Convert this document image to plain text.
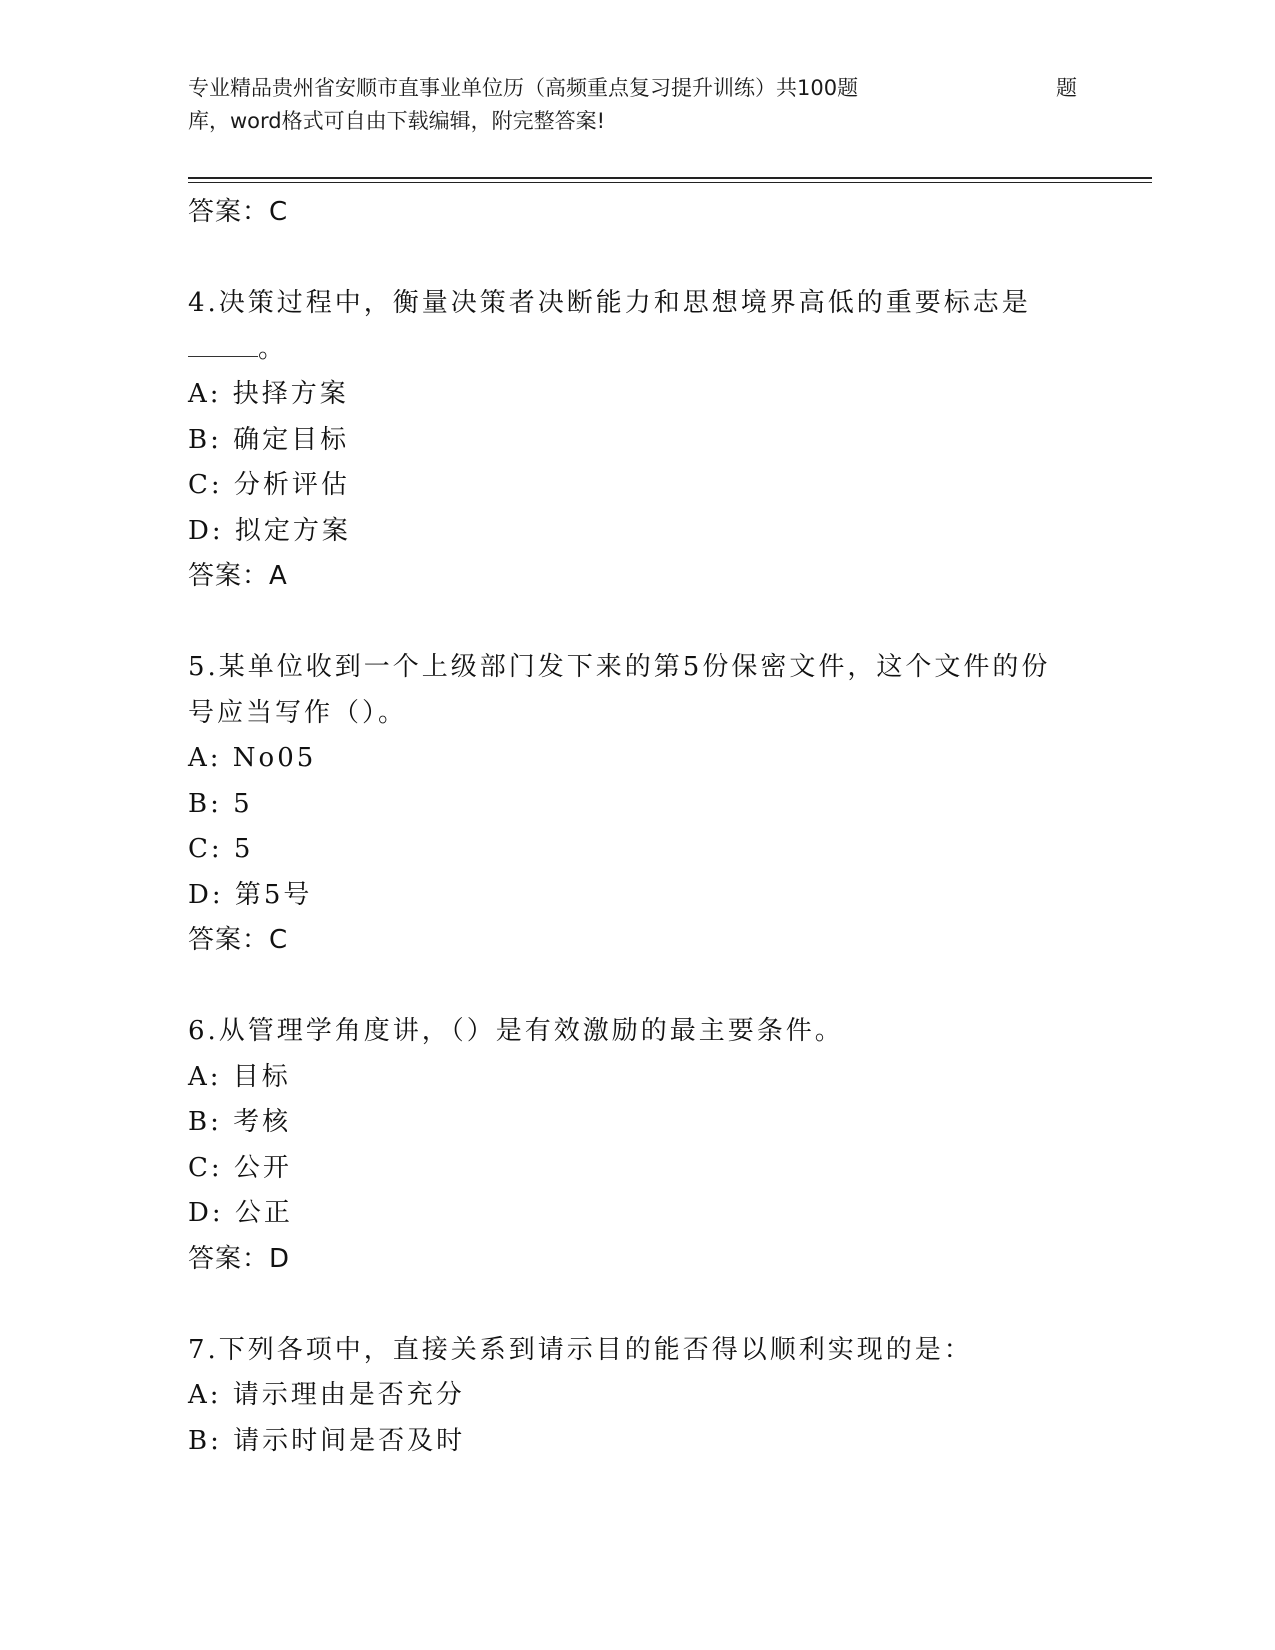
专业精品贵州省安顺市直事业单位历（高频重点复习提升训练）共100题	题
库，word格式可自由下载编辑，附完整答案!
答案：C
4.决策过程中，衡量决策者决断能力和思想境界高低的重要标志是
。
A: 抉择方案
B: 确定目标
C: 分析评估
D: 拟定方案
答案：A
5.某单位收到一个上级部门发下来的第5份保密文件，这个文件的份
号应当写作（）。
A: No05
B: 5
C: 5
D: 第5号
答案：C
6.从管理学角度讲，（）是有效激励的最主要条件。
A: 目标
B: 考核
C: 公开
D: 公正
答案：D
7.下列各项中，直接关系到请示目的能否得以顺利实现的是：
A: 请示理由是否充分
B: 请示时间是否及时
